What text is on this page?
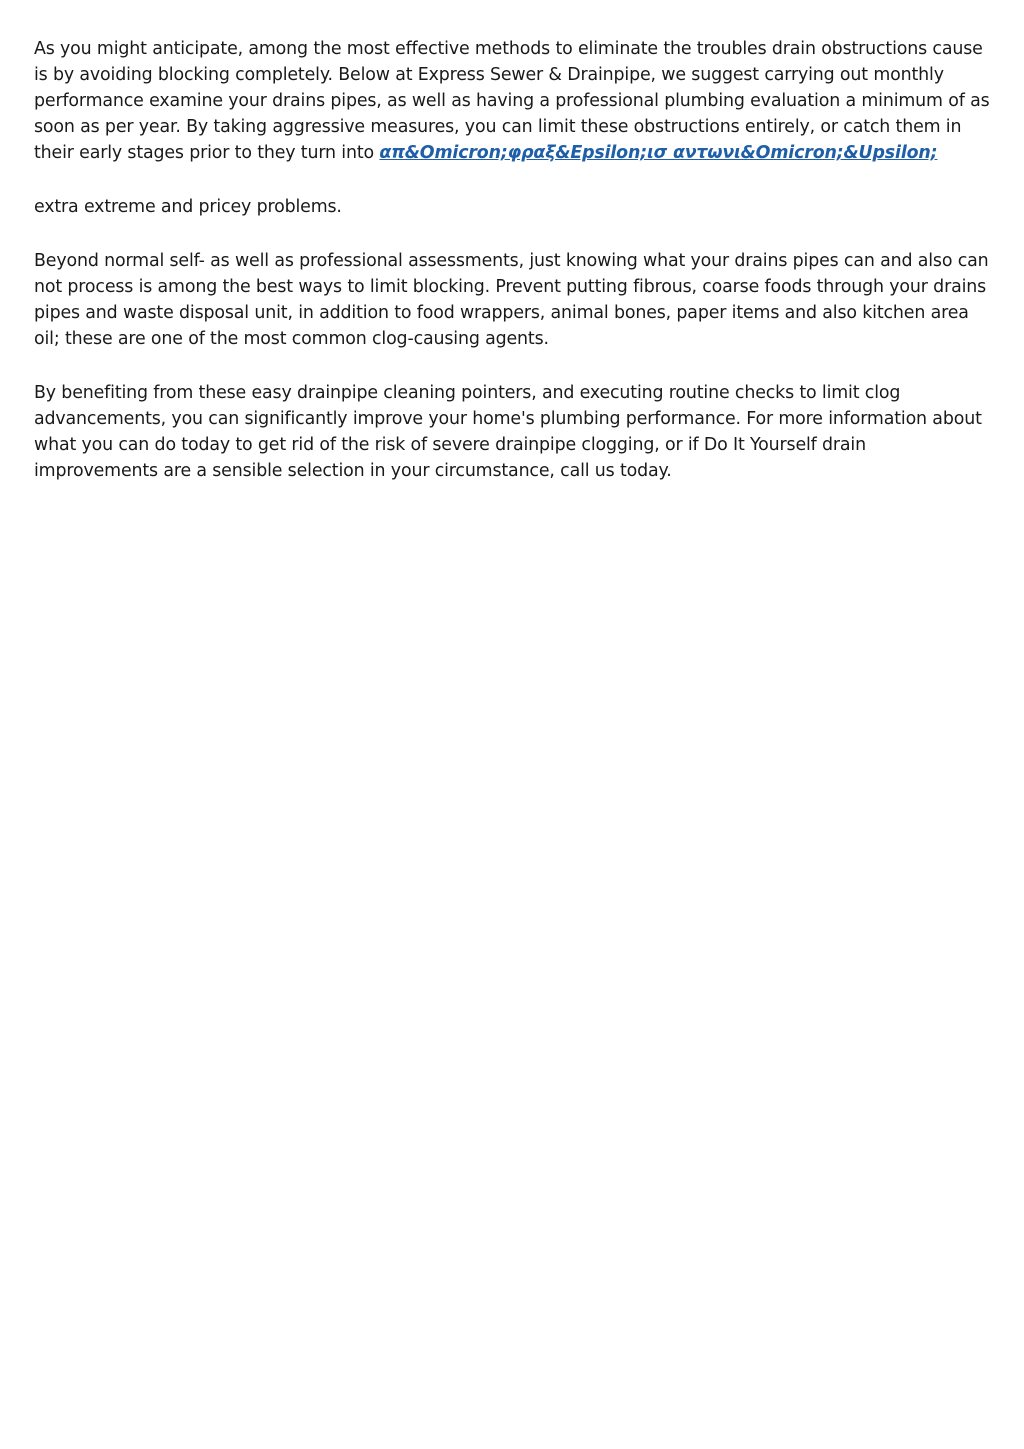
As you might anticipate, among the most effective methods to eliminate the troubles drain obstructions cause is by avoiding blocking completely. Below at Express Sewer & Drainpipe, we suggest carrying out monthly performance examine your drains pipes, as well as having a professional plumbing evaluation a minimum of as soon as per year. By taking aggressive measures, you can limit these obstructions entirely, or catch them in their early stages prior to they turn into απ&Omicron;φραξ&Epsilon;ισ αντωνι&Omicron;&Upsilon;

extra extreme and pricey problems.

Beyond normal self- as well as professional assessments, just knowing what your drains pipes can and also can not process is among the best ways to limit blocking. Prevent putting fibrous, coarse foods through your drains pipes and waste disposal unit, in addition to food wrappers, animal bones, paper items and also kitchen area oil; these are one of the most common clog-causing agents.

By benefiting from these easy drainpipe cleaning pointers, and executing routine checks to limit clog advancements, you can significantly improve your home's plumbing performance. For more information about what you can do today to get rid of the risk of severe drainpipe clogging, or if Do It Yourself drain improvements are a sensible selection in your circumstance, call us today.
